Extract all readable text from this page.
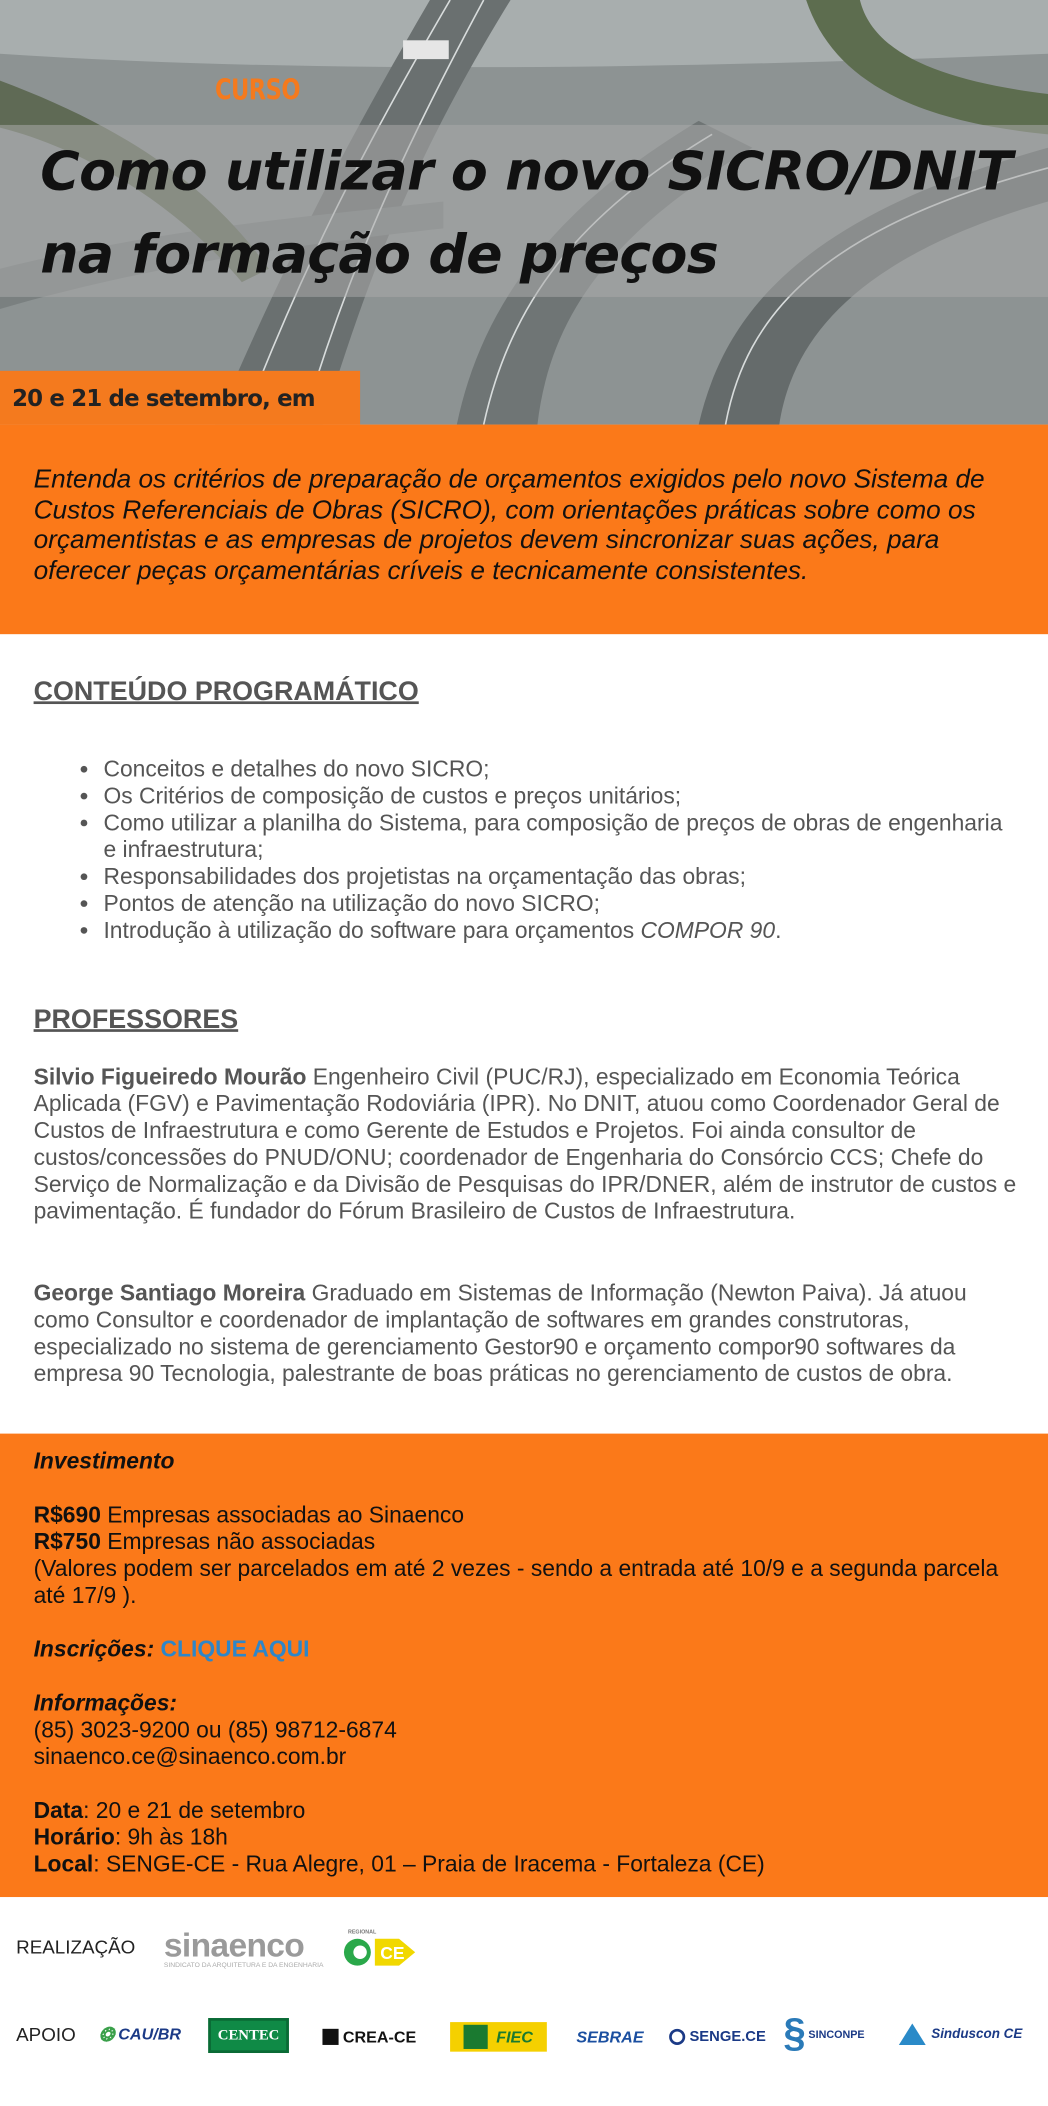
CURSO
Como utilizar o novo SICRO/DNIT
na formação de preços
20 e 21 de setembro, em

Entenda os critérios de preparação de orçamentos exigidos pelo novo Sistema de Custos Referenciais de Obras (SICRO), com orientações práticas sobre como os orçamentistas e as empresas de projetos devem sincronizar suas ações, para oferecer peças orçamentárias críveis e tecnicamente consistentes.

CONTEÚDO PROGRAMÁTICO
• Conceitos e detalhes do novo SICRO;
• Os Critérios de composição de custos e preços unitários;
• Como utilizar a planilha do Sistema, para composição de preços de obras de engenharia e infraestrutura;
• Responsabilidades dos projetistas na orçamentação das obras;
• Pontos de atenção na utilização do novo SICRO;
• Introdução à utilização do software para orçamentos COMPOR 90.
PROFESSORES

Silvio Figueiredo Mourão Engenheiro Civil (PUC/RJ), especializado em Economia Teórica Aplicada (FGV) e Pavimentação Rodoviária (IPR). No DNIT, atuou como Coordenador Geral de Custos de Infraestrutura e como Gerente de Estudos e Projetos. Foi ainda consultor de custos/concessões do PNUD/ONU; coordenador de Engenharia do Consórcio CCS; Chefe do Serviço de Normalização e da Divisão de Pesquisas do IPR/DNER, além de instrutor de custos e pavimentação. É fundador do Fórum Brasileiro de Custos de Infraestrutura.

George Santiago Moreira Graduado em Sistemas de Informação (Newton Paiva). Já atuou como Consultor e coordenador de implantação de softwares em grandes construtoras, especializado no sistema de gerenciamento Gestor90 e orçamento compor90 softwares da empresa 90 Tecnologia, palestrante de boas práticas no gerenciamento de custos de obra.

Investimento
R$690 Empresas associadas ao Sinaenco
R$750 Empresas não associadas
(Valores podem ser parcelados em até 2 vezes - sendo a entrada até 10/9 e a segunda parcela até 17/9 ).
Inscrições: CLIQUE AQUI
Informações:
(85) 3023-9200 ou (85) 98712-6874
sinaenco.ce@sinaenco.com.br
Data: 20 e 21 de setembro
Horário: 9h às 18h
Local: SENGE-CE - Rua Alegre, 01 – Praia de Iracema - Fortaleza (CE)
REALIZAÇÃO sinaenco
SINDICATO DA ARQUITETURA E DA ENGENHARIA
REGIONAL
CE
APOIO ❂ CAU/BR	CENTEC	CREA-CE	FIEC	SEBRAE	SENGE.CE § SINCONPE	Sinduscon CE
